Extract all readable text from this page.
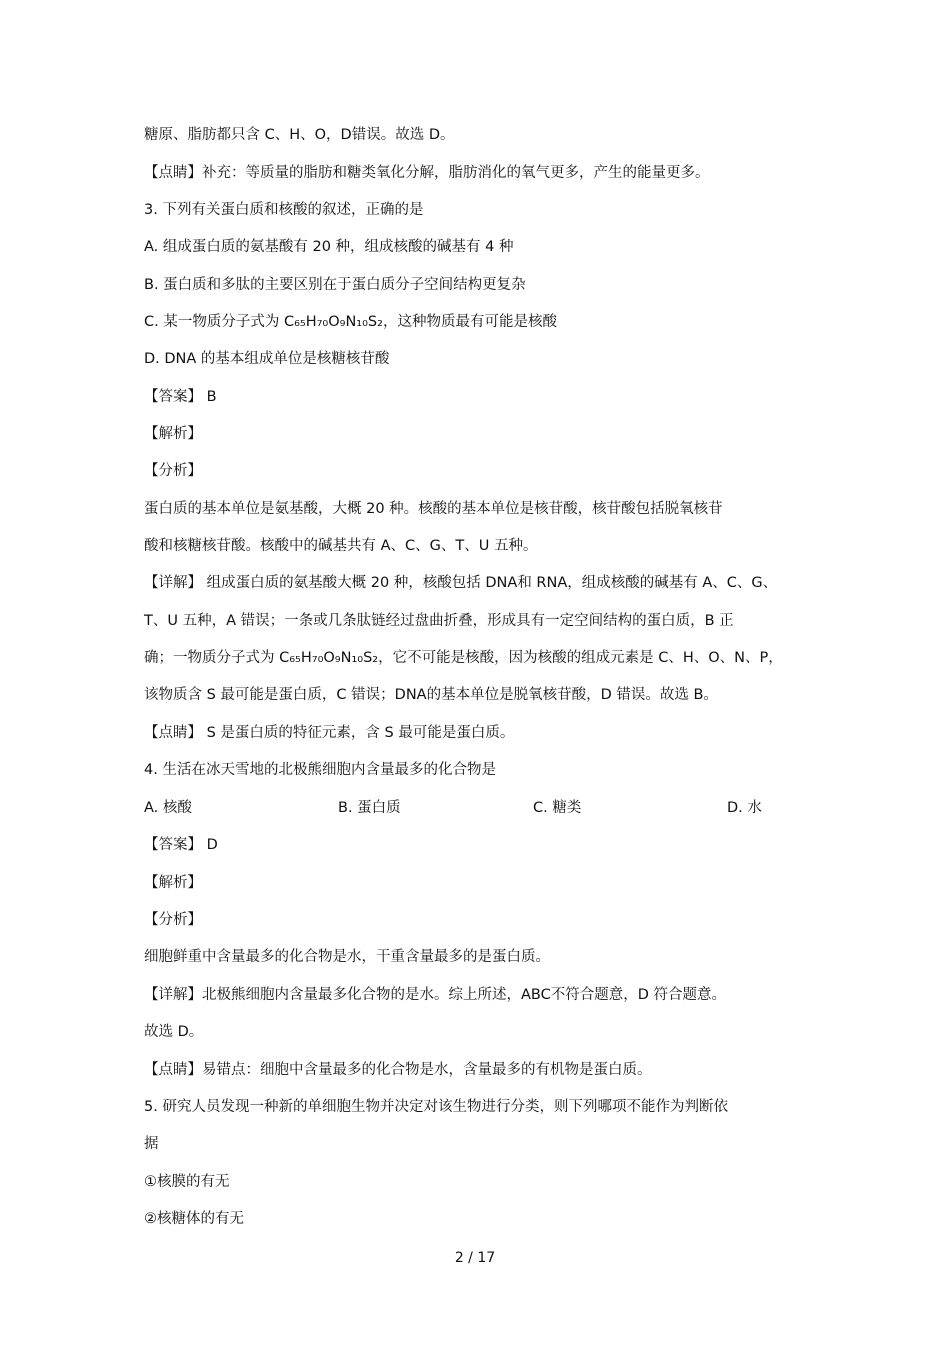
糖原、脂肪都只含 C、H、O，D错误。故选 D。
【点睛】补充：等质量的脂肪和糖类氧化分解，脂肪消化的氧气更多，产生的能量更多。
3. 下列有关蛋白质和核酸的叙述，正确的是
A. 组成蛋白质的氨基酸有 20 种，组成核酸的碱基有 4 种
B. 蛋白质和多肽的主要区别在于蛋白质分子空间结构更复杂
C. 某一物质分子式为 C₆₅H₇₀O₉N₁₀S₂，这种物质最有可能是核酸
D. DNA 的基本组成单位是核糖核苷酸
【答案】 B
【解析】
【分析】
蛋白质的基本单位是氨基酸，大概 20 种。核酸的基本单位是核苷酸，核苷酸包括脱氧核苷
酸和核糖核苷酸。核酸中的碱基共有 A、C、G、T、U 五种。
【详解】 组成蛋白质的氨基酸大概 20 种，核酸包括 DNA和 RNA，组成核酸的碱基有 A、C、G、
T、U 五种，A 错误；一条或几条肽链经过盘曲折叠，形成具有一定空间结构的蛋白质，B 正
确；一物质分子式为 C₆₅H₇₀O₉N₁₀S₂，它不可能是核酸，因为核酸的组成元素是 C、H、O、N、P，
该物质含 S 最可能是蛋白质，C 错误；DNA的基本单位是脱氧核苷酸，D 错误。故选 B。
【点睛】 S 是蛋白质的特征元素，含 S 最可能是蛋白质。
4. 生活在冰天雪地的北极熊细胞内含量最多的化合物是
A. 核酸	B. 蛋白质	C. 糖类	D. 水
【答案】 D
【解析】
【分析】
细胞鲜重中含量最多的化合物是水，干重含量最多的是蛋白质。
【详解】北极熊细胞内含量最多化合物的是水。综上所述，ABC不符合题意，D 符合题意。
故选 D。
【点睛】易错点：细胞中含量最多的化合物是水，含量最多的有机物是蛋白质。
5. 研究人员发现一种新的单细胞生物并决定对该生物进行分类，则下列哪项不能作为判断依
据
①核膜的有无
②核糖体的有无
2 / 17
